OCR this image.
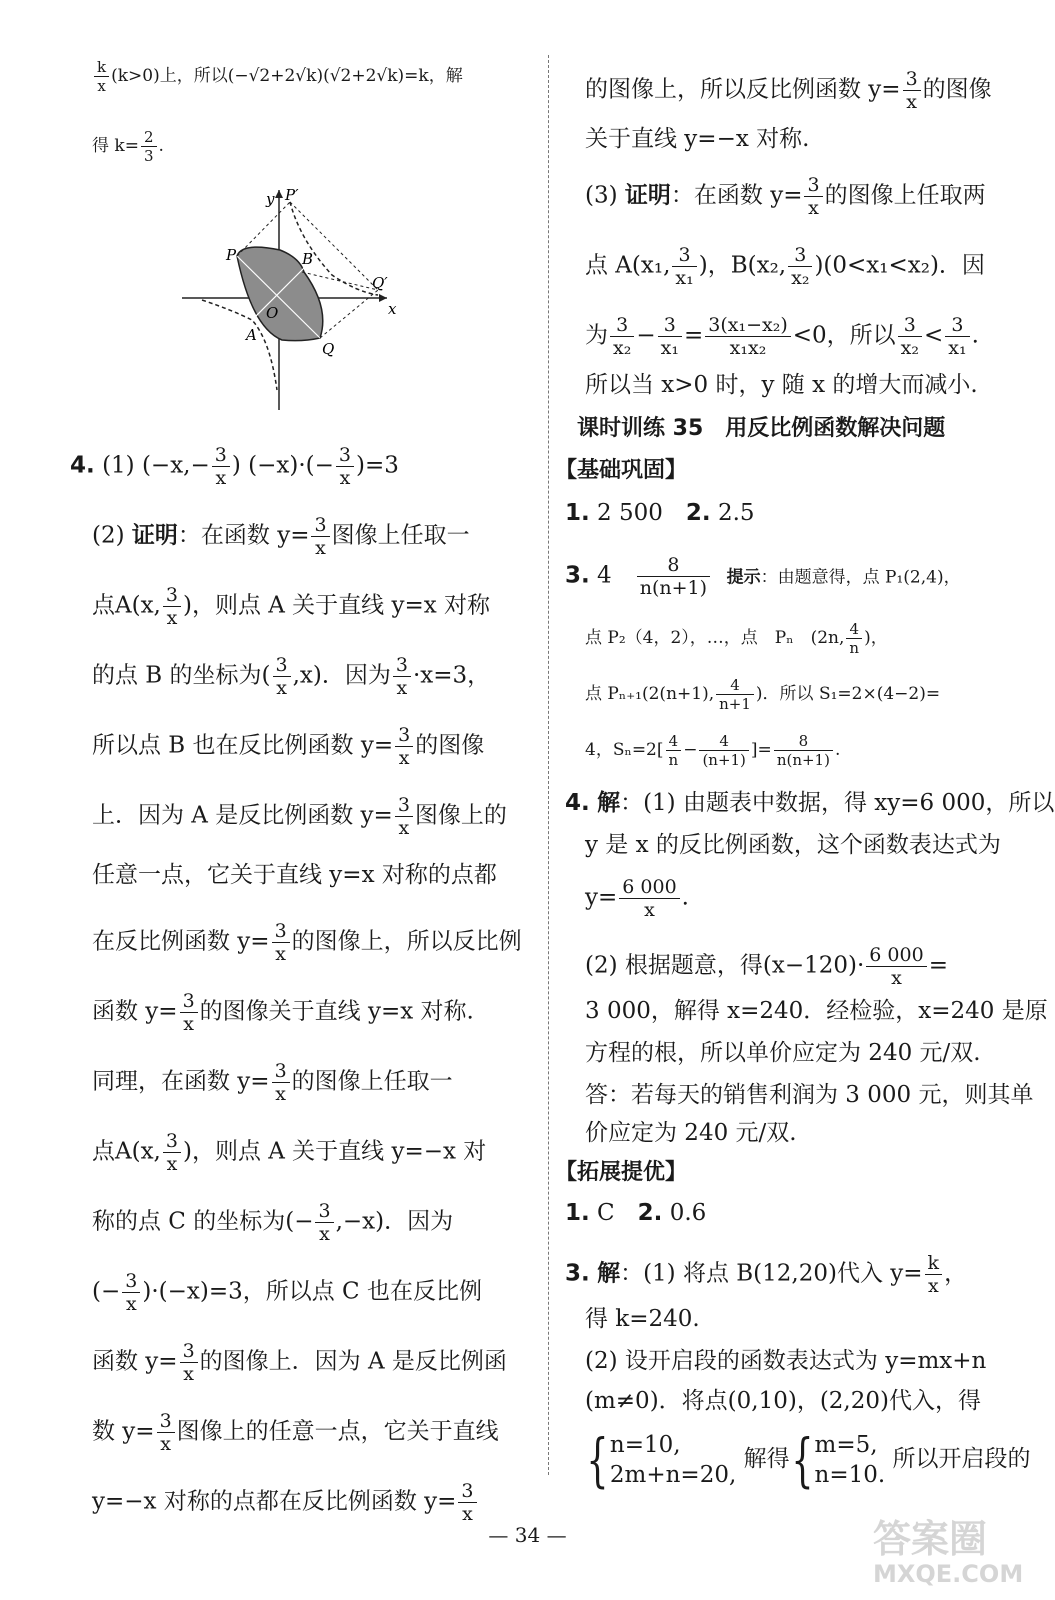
$\frac{k}{x} (k>0)$上，所以(−√2+2√k)(√2+2√k)=k，解
得 $k= \frac{2}{3}$ .
y P′
P	B
Q′
x
O
A
Q
4. (1) ($-x,- \frac{3}{x}$ ) $(-x)\cdot(- \frac{3}{x} )=3$
(2) 证明：在函数 $y= \frac{3}{x}$ 图像上任取一
点A(x, $\frac{3}{x}$ )，则点 A 关于直线 y=x 对称
的点 B 的坐标为( $\frac{3}{x} ,x$)．因为 $\frac{3}{x} \cdot x=3$，
所以点 B 也在反比例函数 $y= \frac{3}{x}$ 的图像
上．因为 A 是反比例函数 $y= \frac{3}{x}$ 图像上的
任意一点，它关于直线 y=x 对称的点都
在反比例函数 $y= \frac{3}{x}$ 的图像上，所以反比例
函数 $y= \frac{3}{x}$ 的图像关于直线 y=x 对称.
同理，在函数 $y= \frac{3}{x}$ 的图像上任取一
点A(x, $\frac{3}{x}$ )，则点 A 关于直线 y=−x 对
称的点 C 的坐标为(− $\frac{3}{x} ,-x$)．因为
(− $\frac{3}{x} )\cdot(-x)=3$，所以点 C 也在反比例
函数 $y= \frac{3}{x}$ 的图像上．因为 A 是反比例函
数 $y= \frac{3}{x}$ 图像上的任意一点，它关于直线
y=−x 对称的点都在反比例函数 $y= \frac{3}{x}$
的图像上，所以反比例函数 $y= \frac{3}{x}$ 的图像
关于直线 y=−x 对称.
(3) 证明：在函数 $y= \frac{3}{x}$ 的图像上任取两
点 A(x₁, $\frac{3}{\text{x₁}}$ )，B(x₂, $\frac{3}{\text{x₂}} )(0<x_1<x_2)$．因
为 $\frac{3}{\text{x₂}} - \frac{3}{\text{x₁}} = \frac{\text{3(x₁−x₂)}}{\text{x₁x₂}} <0$，所以 $\frac{3}{\text{x₂}} < \frac{3}{\text{x₁}}$ .
所以当 x>0 时，y 随 x 的增大而减小.
课时训练 35　用反比例函数解决问题
【基础巩固】
1. 2 500　2. 2.5
3. 4　 $\frac{8}{n(n+1)}$ 提示：由题意得，点 P₁(2,4)，
点 P₂（4，2），…，点　Pₙ　(2n, $\frac{4}{n}$ )，
点 Pₙ₊₁(2(n+1), $\frac{4}{n+1}$ )．所以 S₁=2×(4−2)=
4，$S_n=2[ \frac{4}{n} - \frac{4}{(n+1)}$ ]= $\frac{8}{n(n+1)}$ .
4. 解：(1) 由题表中数据，得 xy=6 000，所以
y 是 x 的反比例函数，这个函数表达式为
$y= \frac{6 000}{x}$ .
(2) 根据题意，得$(x-120)\cdot \frac{6 000}{x}$ =
3 000，解得 x=240．经检验，x=240 是原
方程的根，所以单价应定为 240 元/双.
答：若每天的销售利润为 3 000 元，则其单
价应定为 240 元/双.
【拓展提优】
1. C　2. 0.6
3. 解：(1) 将点 B(12,20)代入 $y= \frac{k}{x}$ ，
得 k=240.
(2) 设开启段的函数表达式为 y=mx+n
(m≠0)．将点(0,10)，(2,20)代入，得
{ n=10,
2m+n=20,
解得{ m=5,
n=10.
所以开启段的
— 34 —	答案圈
MXQE.COM
